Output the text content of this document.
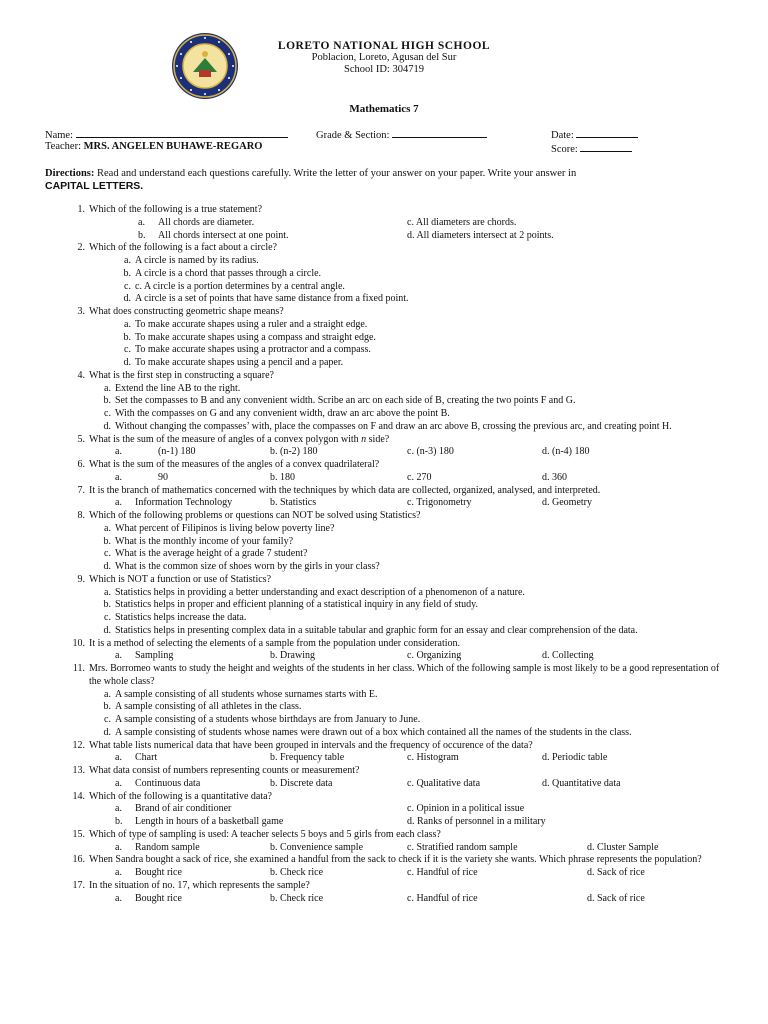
LORETO NATIONAL HIGH SCHOOL
Poblacion, Loreto, Agusan del Sur
School ID: 304719
Mathematics 7
Name:	Grade & Section:	Date:
Teacher: MRS. ANGELEN BUHAWE-REGARO	Score:
Directions: Read and understand each questions carefully. Write the letter of your answer on your paper. Write your answer in
CAPITAL LETTERS.
1. Which of the following is a true statement?
a. All chords are diameter.	c. All diameters are chords.
b. All chords intersect at one point.	d. All diameters intersect at 2 points.
2. Which of the following is a fact about a circle?
a. A circle is named by its radius.
b. A circle is a chord that passes through a circle.
c. c. A circle is a portion determines by a central angle.
d. A circle is a set of points that have same distance from a fixed point.
3. What does constructing geometric shape means?
a. To make accurate shapes using a ruler and a straight edge.
b. To make accurate shapes using a compass and straight edge.
c. To make accurate shapes using a protractor and a compass.
d. To make accurate shapes using a pencil and a paper.
4. What is the first step in constructing a square?
a. Extend the line AB to the right.
b. Set the compasses to B and any convenient width. Scribe an arc on each side of B, creating the two points F and G.
c. With the compasses on G and any convenient width, draw an arc above the point B.
d. Without changing the compasses’ with, place the compasses on F and draw an arc above B, crossing the previous arc, and creating point H.
5. What is the sum of the measure of angles of a convex polygon with n side?
a.	(n-1) 180	b. (n-2) 180	c. (n-3) 180	d. (n-4) 180
6. What is the sum of the measures of the angles of a convex quadrilateral?
a.	90	b. 180	c. 270	d. 360
7. It is the branch of mathematics concerned with the techniques by which data are collected, organized, analysed, and interpreted.
a. Information Technology	b. Statistics	c. Trigonometry	d. Geometry
8. Which of the following problems or questions can NOT be solved using Statistics?
a. What percent of Filipinos is living below poverty line?
b. What is the monthly income of your family?
c. What is the average height of a grade 7 student?
d. What is the common size of shoes worn by the girls in your class?
9. Which is NOT a function or use of Statistics?
a. Statistics helps in providing a better understanding and exact description of a phenomenon of a nature.
b. Statistics helps in proper and efficient planning of a statistical inquiry in any field of study.
c. Statistics helps increase the data.
d. Statistics helps in presenting complex data in a suitable tabular and graphic form for an essay and clear comprehension of the data.
10. It is a method of selecting the elements of a sample from the population under consideration.
a. Sampling	b. Drawing	c. Organizing	d. Collecting
11. Mrs. Borromeo wants to study the height and weights of the students in her class. Which of the following sample is most likely to be a good representation of the whole class?
a. A sample consisting of all students whose surnames starts with E.
b. A sample consisting of all athletes in the class.
c. A sample consisting of a students whose birthdays are from January to June.
d. A sample consisting of students whose names were drawn out of a box which contained all the names of the students in the class.
12. What table lists numerical data that have been grouped in intervals and the frequency of occurence of the data?
a. Chart	b. Frequency table	c. Histogram	d. Periodic table
13. What data consist of numbers representing counts or measurement?
a. Continuous data	b. Discrete data	c. Qualitative data	d. Quantitative data
14. Which of the following is a quantitative data?
a. Brand of air conditioner	c. Opinion in a political issue
b. Length in hours of a basketball game	d. Ranks of personnel in a military
15. Which of type of sampling is used: A teacher selects 5 boys and 5 girls from each class?
a. Random sample	b. Convenience sample	c. Stratified random sample	d. Cluster Sample
16. When Sandra bought a sack of rice, she examined a handful from the sack to check if it is the variety she wants. Which phrase represents the population?
a. Bought rice	b. Check rice	c. Handful of rice	d. Sack of rice
17. In the situation of no. 17, which represents the sample?
a. Bought rice	b. Check rice	c. Handful of rice	d. Sack of rice
